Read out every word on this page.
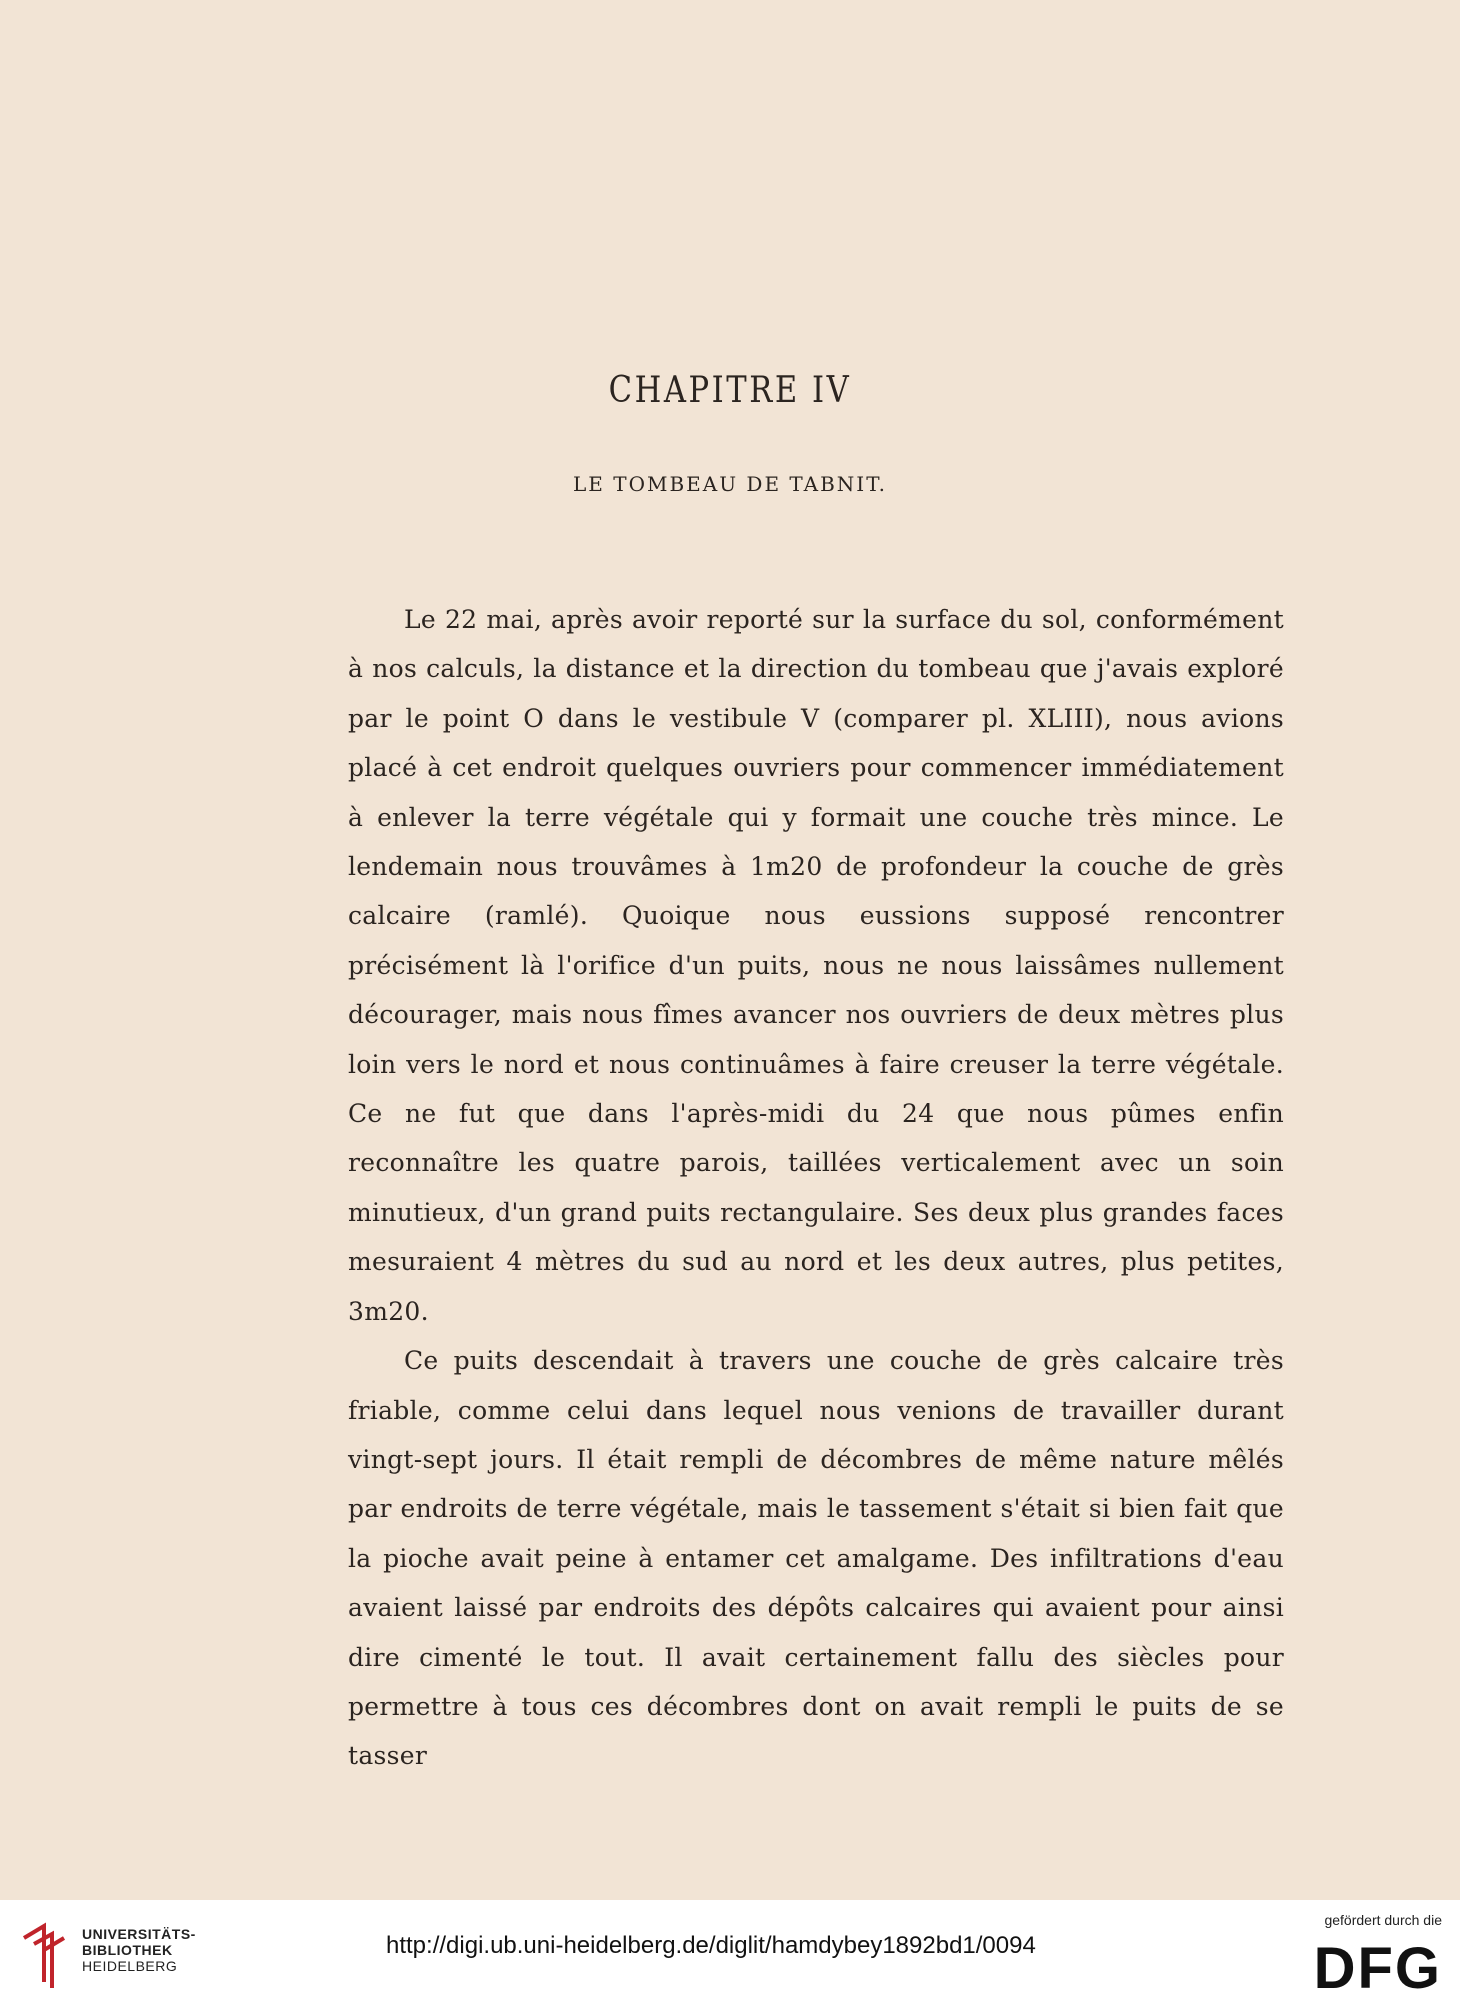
CHAPITRE IV
LE TOMBEAU DE TABNIT.

Le 22 mai, après avoir reporté sur la surface du sol, conformément à nos calculs, la distance et la direction du tombeau que j'avais exploré par le point O dans le vestibule V (comparer pl. XLIII), nous avions placé à cet endroit quelques ouvriers pour commencer immédiatement à enlever la terre végétale qui y formait une couche très mince. Le lendemain nous trouvâmes à 1m20 de profondeur la couche de grès calcaire (ramlé). Quoique nous eussions supposé rencontrer précisément là l'orifice d'un puits, nous ne nous laissâmes nullement décourager, mais nous fîmes avancer nos ouvriers de deux mètres plus loin vers le nord et nous continuâmes à faire creuser la terre végétale. Ce ne fut que dans l'après-midi du 24 que nous pûmes enfin reconnaître les quatre parois, taillées verticalement avec un soin minutieux, d'un grand puits rectangulaire. Ses deux plus grandes faces mesuraient 4 mètres du sud au nord et les deux autres, plus petites, 3m20.

Ce puits descendait à travers une couche de grès calcaire très friable, comme celui dans lequel nous venions de travailler durant vingt-sept jours. Il était rempli de décombres de même nature mêlés par endroits de terre végétale, mais le tassement s'était si bien fait que la pioche avait peine à entamer cet amalgame. Des infiltrations d'eau avaient laissé par endroits des dépôts calcaires qui avaient pour ainsi dire cimenté le tout. Il avait certainement fallu des siècles pour permettre à tous ces décombres dont on avait rempli le puits de se tasser

UNIVERSITÄTS-
BIBLIOTHEK
HEIDELBERG
http://digi.ub.uni-heidelberg.de/diglit/hamdybey1892bd1/0094
gefördert durch die
DFG
